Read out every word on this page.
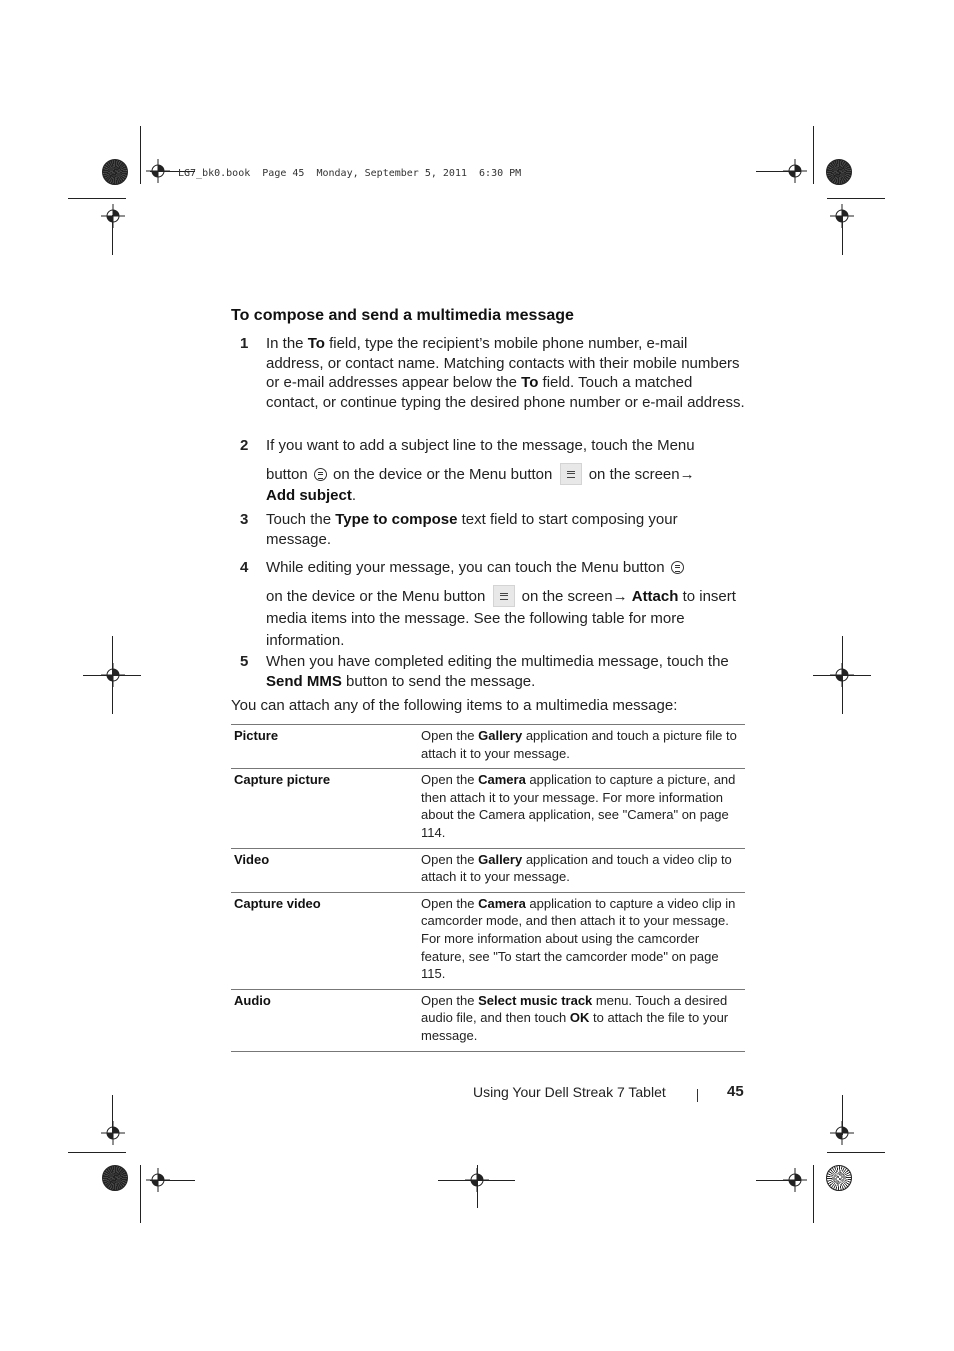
LG7_bk0.book  Page 45  Monday, September 5, 2011  6:30 PM
To compose and send a multimedia message
1 In the To field, type the recipient’s mobile phone number, e-mail address, or contact name. Matching contacts with their mobile numbers or e-mail addresses appear below the To field. Touch a matched contact, or continue typing the desired phone number or e-mail address.
2 If you want to add a subject line to the message, touch the Menu
button  on the device or the Menu button on the screen→
Add subject.
3 Touch the Type to compose text field to start composing your message.
4 While editing your message, you can touch the Menu button
on the device or the Menu button on the screen→ Attach to insert media items into the message. See the following table for more information.
5 When you have completed editing the multimedia message, touch the Send MMS button to send the message.
You can attach any of the following items to a multimedia message:
Picture	Open the Gallery application and touch a picture file to attach it to your message.
Capture picture	Open the Camera application to capture a picture, and then attach it to your message. For more information about the Camera application, see "Camera" on page 114.
Video	Open the Gallery application and touch a video clip to attach it to your message.
Capture video	Open the Camera application to capture a video clip in camcorder mode, and then attach it to your message. For more information about using the camcorder feature, see "To start the camcorder mode" on page 115.
Audio	Open the Select music track menu. Touch a desired audio file, and then touch OK to attach the file to your message.
Using Your Dell Streak 7 Tablet	45
